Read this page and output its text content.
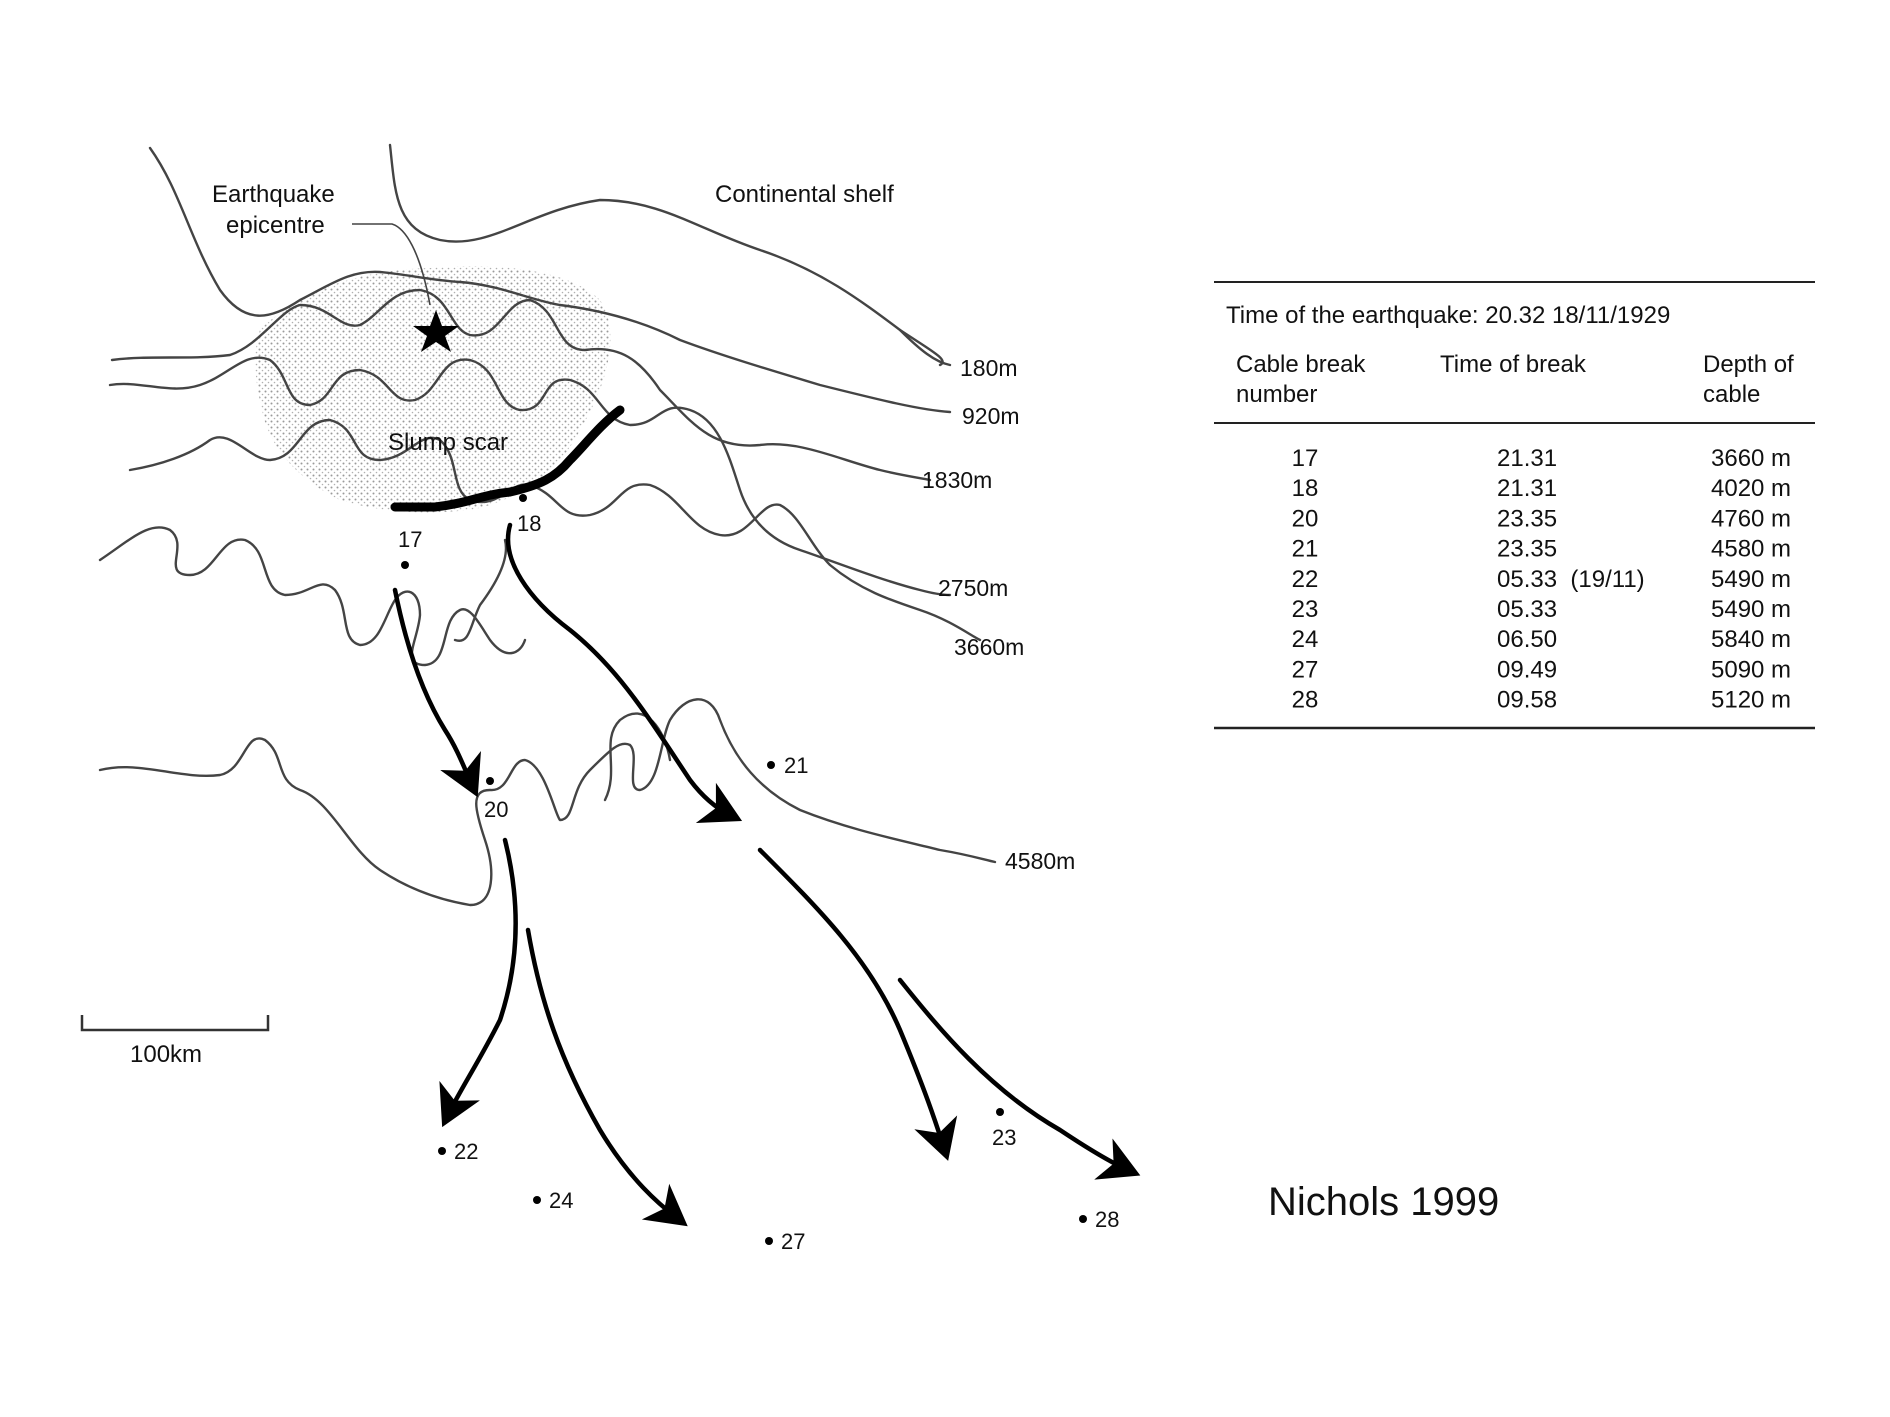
17
18
20
21
22
23
24
27
28
Earthquake
epicentre
Continental shelf
Slump scar
180m
920m
1830m
2750m
3660m
4580m
100km
Time of the earthquake: 20.32 18/11/1929
Cable break
number
Time of break	Depth of
cable
17	21.31	3660 m
18	21.31	4020 m
20	23.35	4760 m
21	23.35	4580 m
22	05.33  (19/11)	5490 m
23	05.33	5490 m
24	06.50	5840 m
27	09.49	5090 m
28	09.58	5120 m
Nichols 1999
